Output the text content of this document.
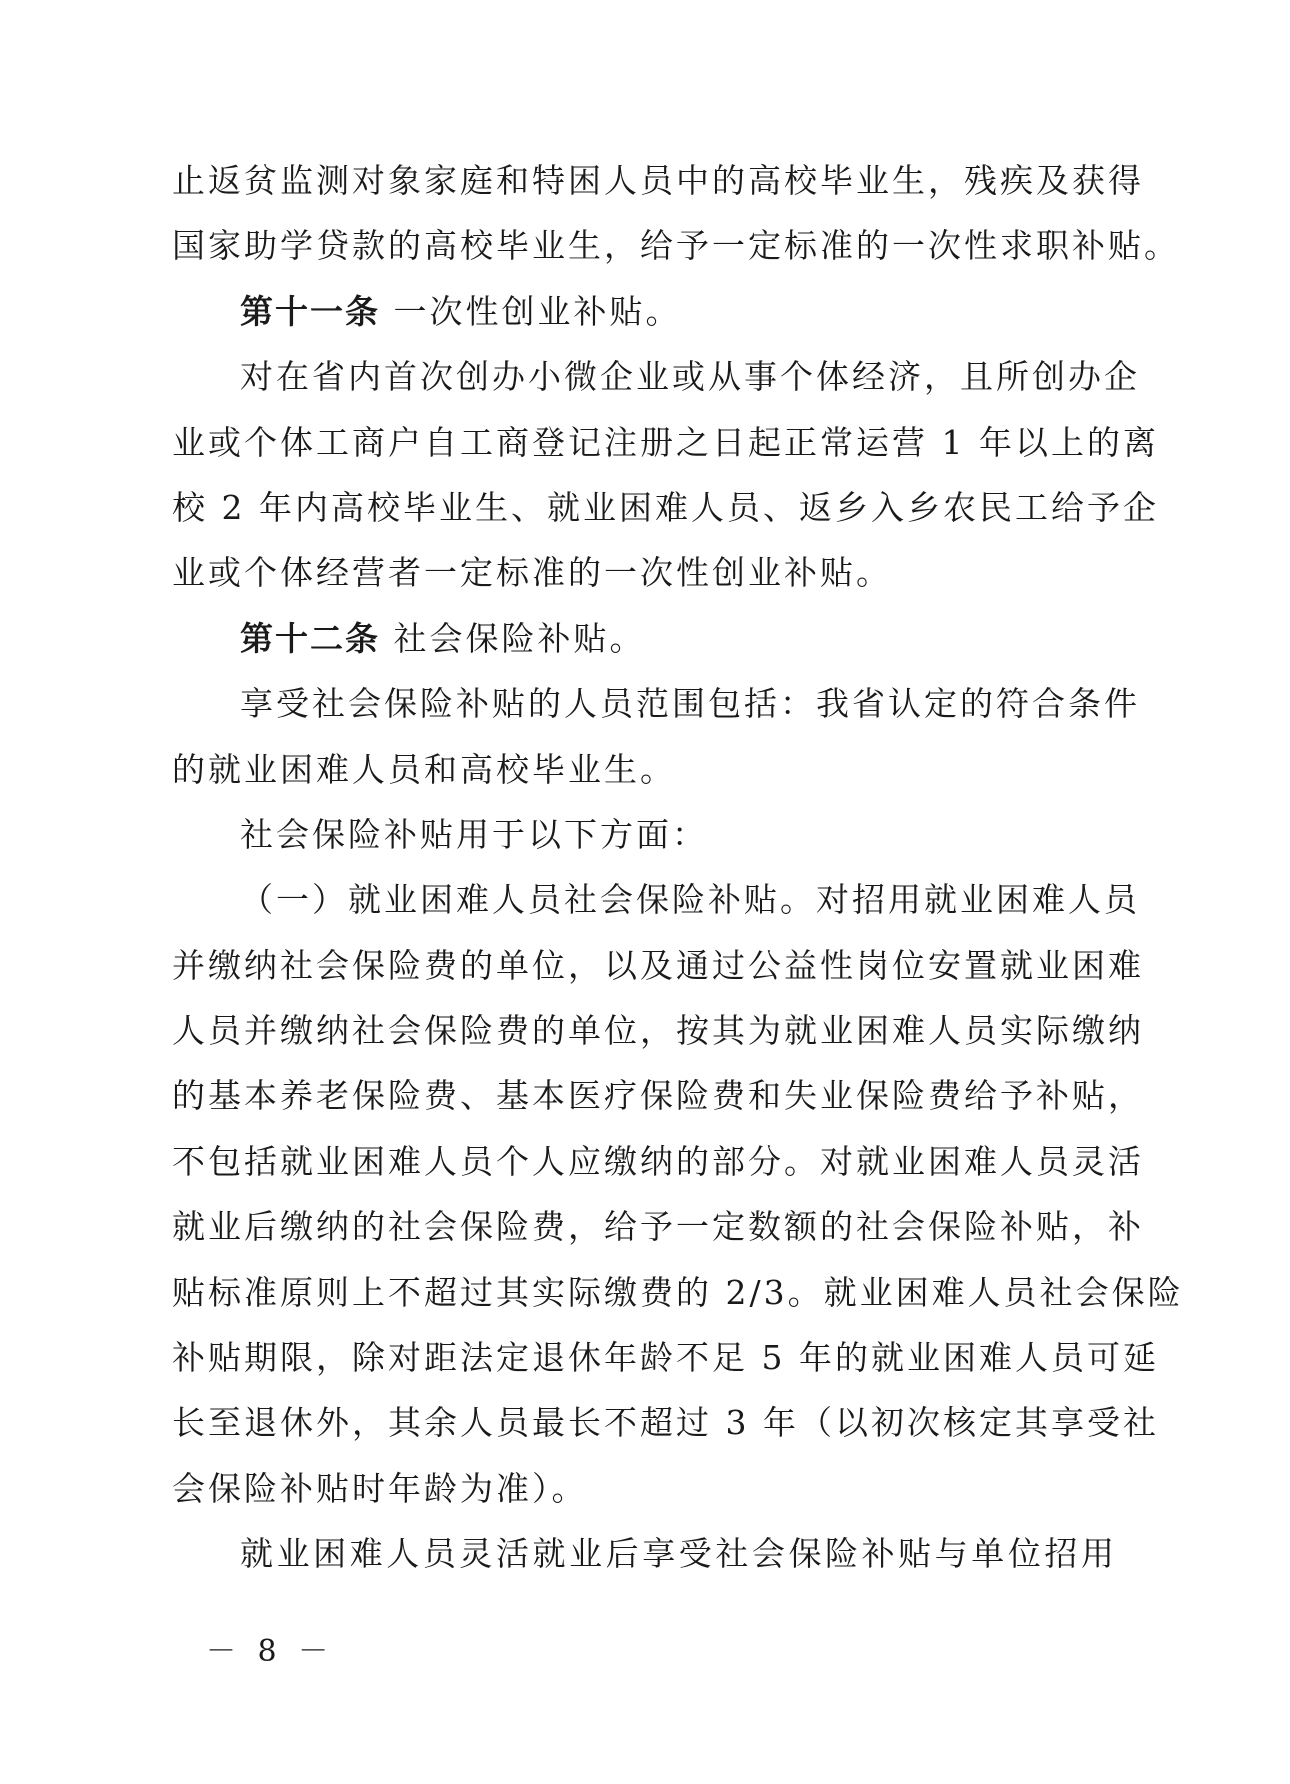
止返贫监测对象家庭和特困人员中的高校毕业生，残疾及获得
国家助学贷款的高校毕业生，给予一定标准的一次性求职补贴。
第十一条 一次性创业补贴。
对在省内首次创办小微企业或从事个体经济，且所创办企
业或个体工商户自工商登记注册之日起正常运营 1 年以上的离
校 2 年内高校毕业生、就业困难人员、返乡入乡农民工给予企
业或个体经营者一定标准的一次性创业补贴。
第十二条 社会保险补贴。
享受社会保险补贴的人员范围包括：我省认定的符合条件
的就业困难人员和高校毕业生。
社会保险补贴用于以下方面：
（一）就业困难人员社会保险补贴。对招用就业困难人员
并缴纳社会保险费的单位，以及通过公益性岗位安置就业困难
人员并缴纳社会保险费的单位，按其为就业困难人员实际缴纳
的基本养老保险费、基本医疗保险费和失业保险费给予补贴，
不包括就业困难人员个人应缴纳的部分。对就业困难人员灵活
就业后缴纳的社会保险费，给予一定数额的社会保险补贴，补
贴标准原则上不超过其实际缴费的 2/3。就业困难人员社会保险
补贴期限，除对距法定退休年龄不足 5 年的就业困难人员可延
长至退休外，其余人员最长不超过 3 年（以初次核定其享受社
会保险补贴时年龄为准）。
就业困难人员灵活就业后享受社会保险补贴与单位招用
－ 8 －
